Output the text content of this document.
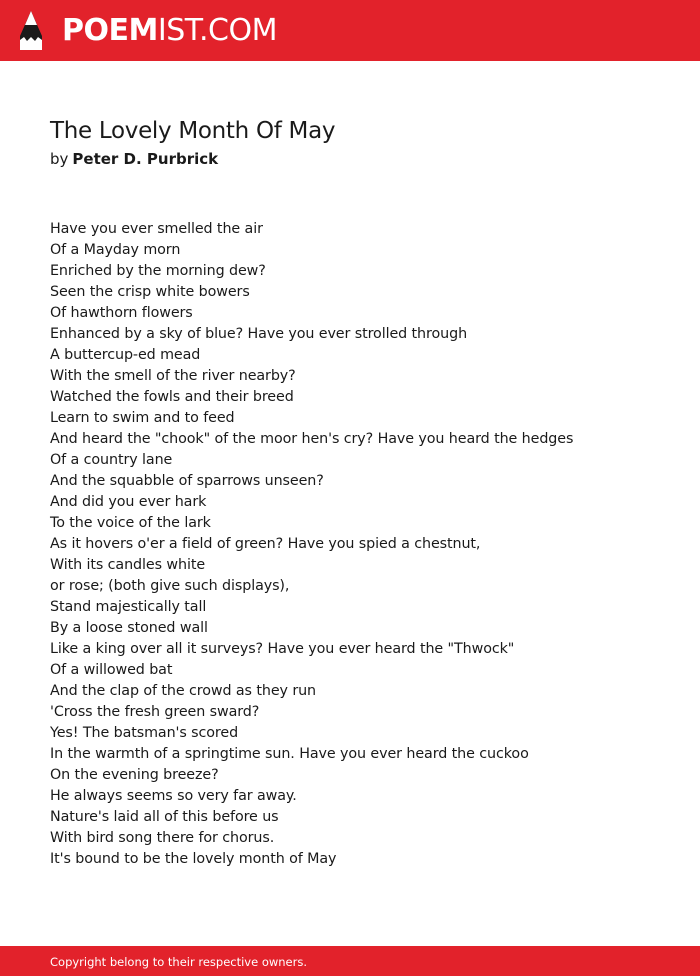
POEMIST.COM
The Lovely Month Of May
by Peter D. Purbrick
Have you ever smelled the air
Of a Mayday morn
Enriched by the morning dew?
Seen the crisp white bowers
Of hawthorn flowers
Enhanced by a sky of blue? Have you ever strolled through
A buttercup-ed mead
With the smell of the river nearby?
Watched the fowls and their breed
Learn to swim and to feed
And heard the "chook" of the moor hen's cry? Have you heard the hedges
Of a country lane
And the squabble of sparrows unseen?
And did you ever hark
To the voice of the lark
As it hovers o'er a field of green? Have you spied a chestnut,
With its candles white
or rose; (both give such displays),
Stand majestically tall
By a loose stoned wall
Like a king over all it surveys? Have you ever heard the "Thwock"
Of a willowed bat
And the clap of the crowd as they run
'Cross the fresh green sward?
Yes! The batsman's scored
In the warmth of a springtime sun. Have you ever heard the cuckoo
On the evening breeze?
He always seems so very far away.
Nature's laid all of this before us
With bird song there for chorus.
It's bound to be the lovely month of May
Copyright belong to their respective owners.
